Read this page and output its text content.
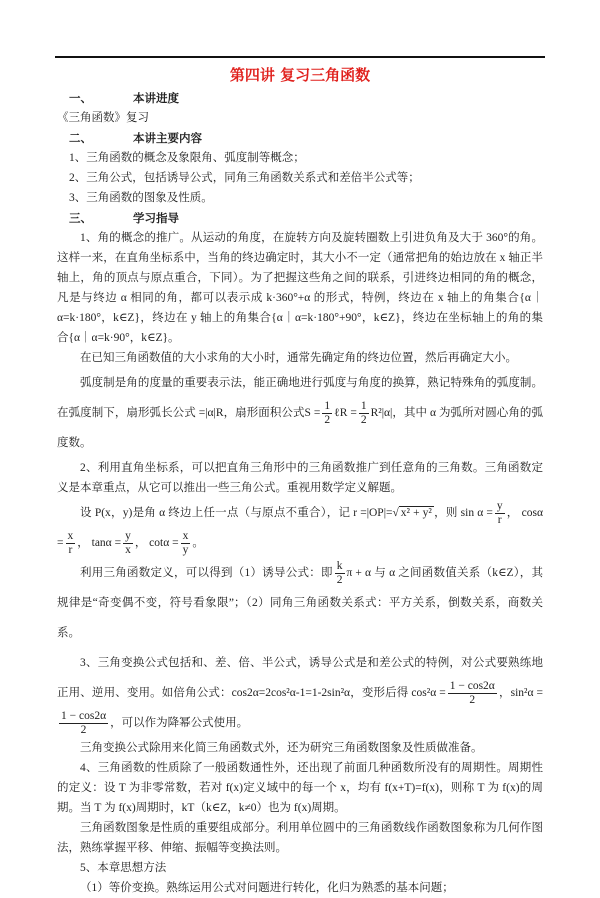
第四讲 复习三角函数

一、	本讲进度

《三角函数》复习

二、	本讲主要内容

1、三角函数的概念及象限角、弧度制等概念；

2、三角公式，包括诱导公式，同角三角函数关系式和差倍半公式等；

3、三角函数的图象及性质。

三、	学习指导

1、角的概念的推广。从运动的角度，在旋转方向及旋转圈数上引进负角及大于 360°的角。这样一来，在直角坐标系中，当角的终边确定时，其大小不一定（通常把角的始边放在 x 轴正半轴上，角的顶点与原点重合，下同）。为了把握这些角之间的联系，引进终边相同的角的概念，凡是与终边 α 相同的角，都可以表示成 k·360°+α 的形式，特例，终边在 x 轴上的角集合{α｜α=k·180°，k∈Z}，终边在 y 轴上的角集合{α｜α=k·180°+90°，k∈Z}，终边在坐标轴上的角的集合{α｜α=k·90°，k∈Z}。

在已知三角函数值的大小求角的大小时，通常先确定角的终边位置，然后再确定大小。

弧度制是角的度量的重要表示法，能正确地进行弧度与角度的换算，熟记特殊角的弧度制。在弧度制下，扇形弧长公式 =|α|R，扇形面积公式$S = \frac{1}{2}$ ℓR = $\frac{1}{2} R^2|\alpha|$，其中 α 为弧所对圆心角的弧度数。

2、利用直角坐标系，可以把直角三角形中的三角函数推广到任意角的三角数。三角函数定义是本章重点，从它可以推出一些三角公式。重视用数学定义解题。

设 P(x，y)是角 α 终边上任一点（与原点不重合），记 r =|OP|=√ x² + y² ，则 $\sin \alpha = \frac{y}{r}$ ， $\cos\alpha = \frac{x}{r}$ ， $\tan\alpha = \frac{y}{x}$ ， $\cot\alpha = \frac{x}{y}$ 。

利用三角函数定义，可以得到（1）诱导公式：即 $\frac{k}{2}$ π + α 与 α 之间函数值关系（k∈Z），其规律是“奇变偶不变，符号看象限”；（2）同角三角函数关系式：平方关系，倒数关系，商数关系。

3、三角变换公式包括和、差、倍、半公式，诱导公式是和差公式的特例，对公式要熟练地正用、逆用、变用。如倍角公式：cos2α=2cos²α-1=1-2sin²α，变形后得 $\cos^2\alpha = \frac{1 - \cos 2\alpha}{2}$ ，sin²α =
$\frac{1 - \cos 2\alpha}{2}$ ，可以作为降幂公式使用。

三角变换公式除用来化简三角函数式外，还为研究三角函数图象及性质做准备。

4、三角函数的性质除了一般函数通性外，还出现了前面几种函数所没有的周期性。周期性的定义：设 T 为非零常数，若对 f(x)定义域中的每一个 x，均有 f(x+T)=f(x)，则称 T 为 f(x)的周期。当 T 为 f(x)周期时，kT（k∈Z，k≠0）也为 f(x)周期。

三角函数图象是性质的重要组成部分。利用单位圆中的三角函数线作函数图象称为几何作图法，熟练掌握平移、伸缩、振幅等变换法则。

5、本章思想方法

（1）等价变换。熟练运用公式对问题进行转化，化归为熟悉的基本问题；
